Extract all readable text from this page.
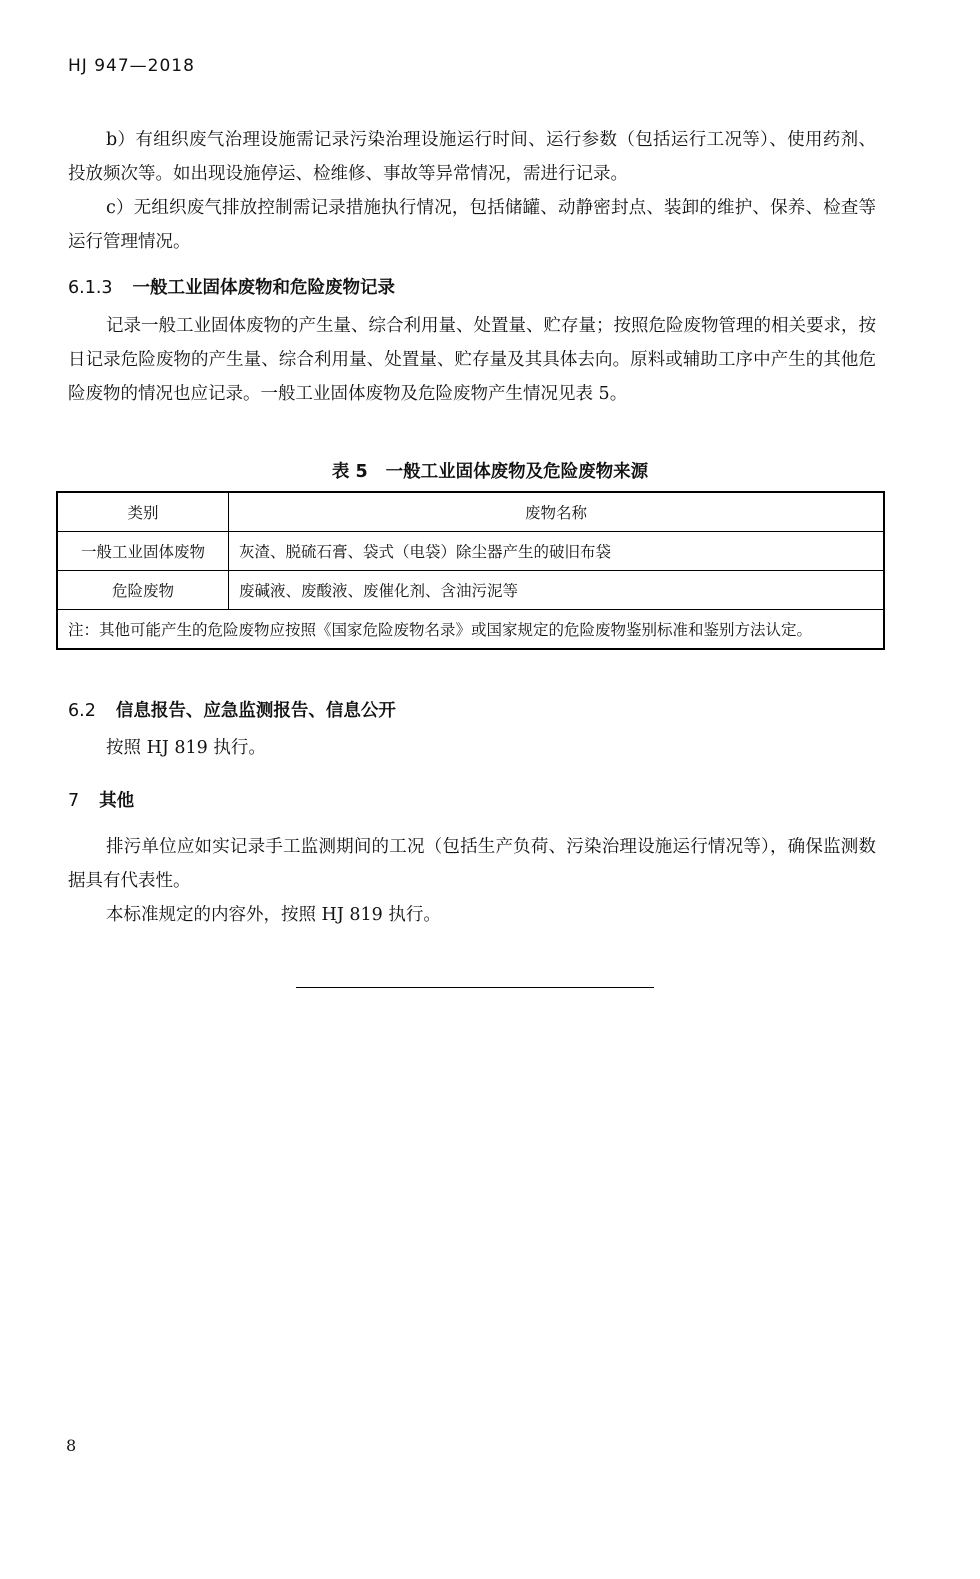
HJ 947—2018

b）有组织废气治理设施需记录污染治理设施运行时间、运行参数（包括运行工况等）、使用药剂、投放频次等。如出现设施停运、检维修、事故等异常情况，需进行记录。

c）无组织废气排放控制需记录措施执行情况，包括储罐、动静密封点、装卸的维护、保养、检查等运行管理情况。

6.1.3 一般工业固体废物和危险废物记录

记录一般工业固体废物的产生量、综合利用量、处置量、贮存量；按照危险废物管理的相关要求，按日记录危险废物的产生量、综合利用量、处置量、贮存量及其具体去向。原料或辅助工序中产生的其他危险废物的情况也应记录。一般工业固体废物及危险废物产生情况见表 5。

表 5 一般工业固体废物及危险废物来源
类别	废物名称
一般工业固体废物	灰渣、脱硫石膏、袋式（电袋）除尘器产生的破旧布袋
危险废物	废碱液、废酸液、废催化剂、含油污泥等
注：其他可能产生的危险废物应按照《国家危险废物名录》或国家规定的危险废物鉴别标准和鉴别方法认定。	
6.2 信息报告、应急监测报告、信息公开

按照 HJ 819 执行。

7 其他

排污单位应如实记录手工监测期间的工况（包括生产负荷、污染治理设施运行情况等），确保监测数据具有代表性。

本标准规定的内容外，按照 HJ 819 执行。

8
